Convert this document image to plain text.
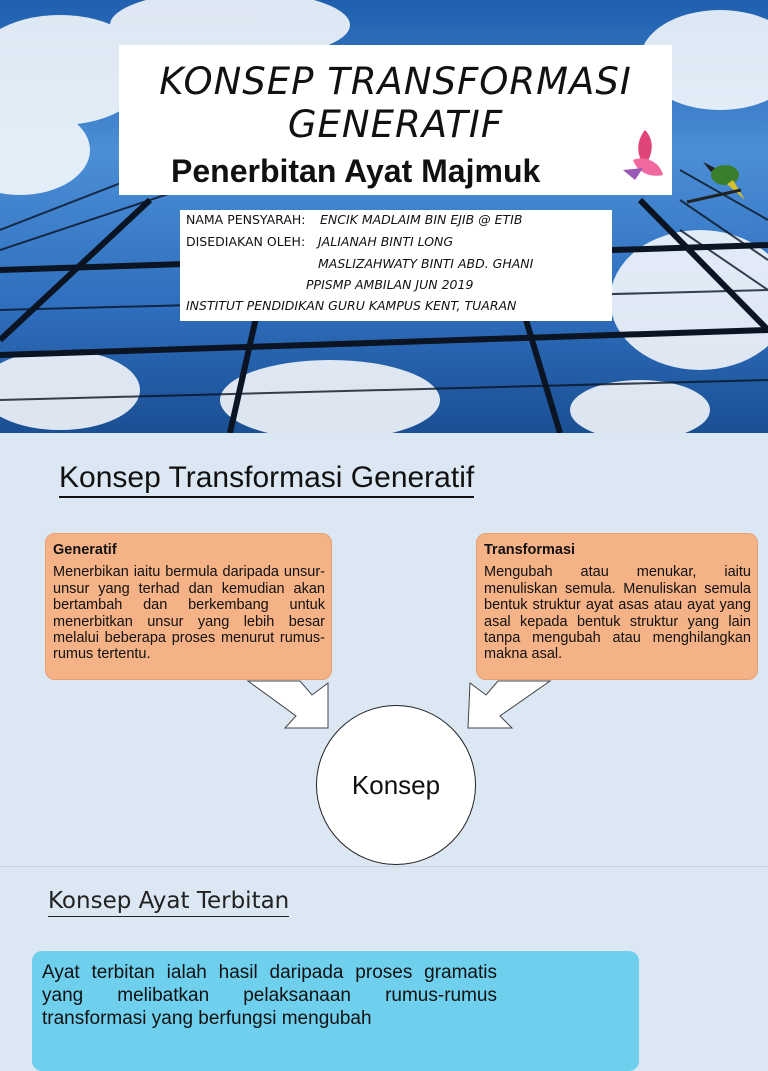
KONSEP TRANSFORMASI
GENERATIF
Penerbitan Ayat Majmuk
NAMA PENSYARAH: ENCIK MADLAIM BIN EJIB @ ETIB
DISEDIAKAN OLEH: JALIANAH BINTI LONG
MASLIZAHWATY BINTI ABD. GHANI
PPISMP AMBILAN JUN 2019
INSTITUT PENDIDIKAN GURU KAMPUS KENT, TUARAN
Konsep Transformasi Generatif
Generatif
Menerbikan iaitu bermula daripada unsur-unsur yang terhad dan kemudian akan bertambah dan berkembang untuk menerbitkan unsur yang lebih besar melalui beberapa proses menurut rumus-rumus tertentu.
Transformasi
Mengubah atau menukar, iaitu menuliskan semula. Menuliskan semula bentuk struktur ayat asas atau ayat yang asal kepada bentuk struktur yang lain tanpa mengubah atau menghilangkan makna asal.
Konsep
Konsep Ayat Terbitan
Ayat terbitan ialah hasil daripada proses gramatis yang melibatkan pelaksanaan rumus-rumus transformasi yang berfungsi mengubah
